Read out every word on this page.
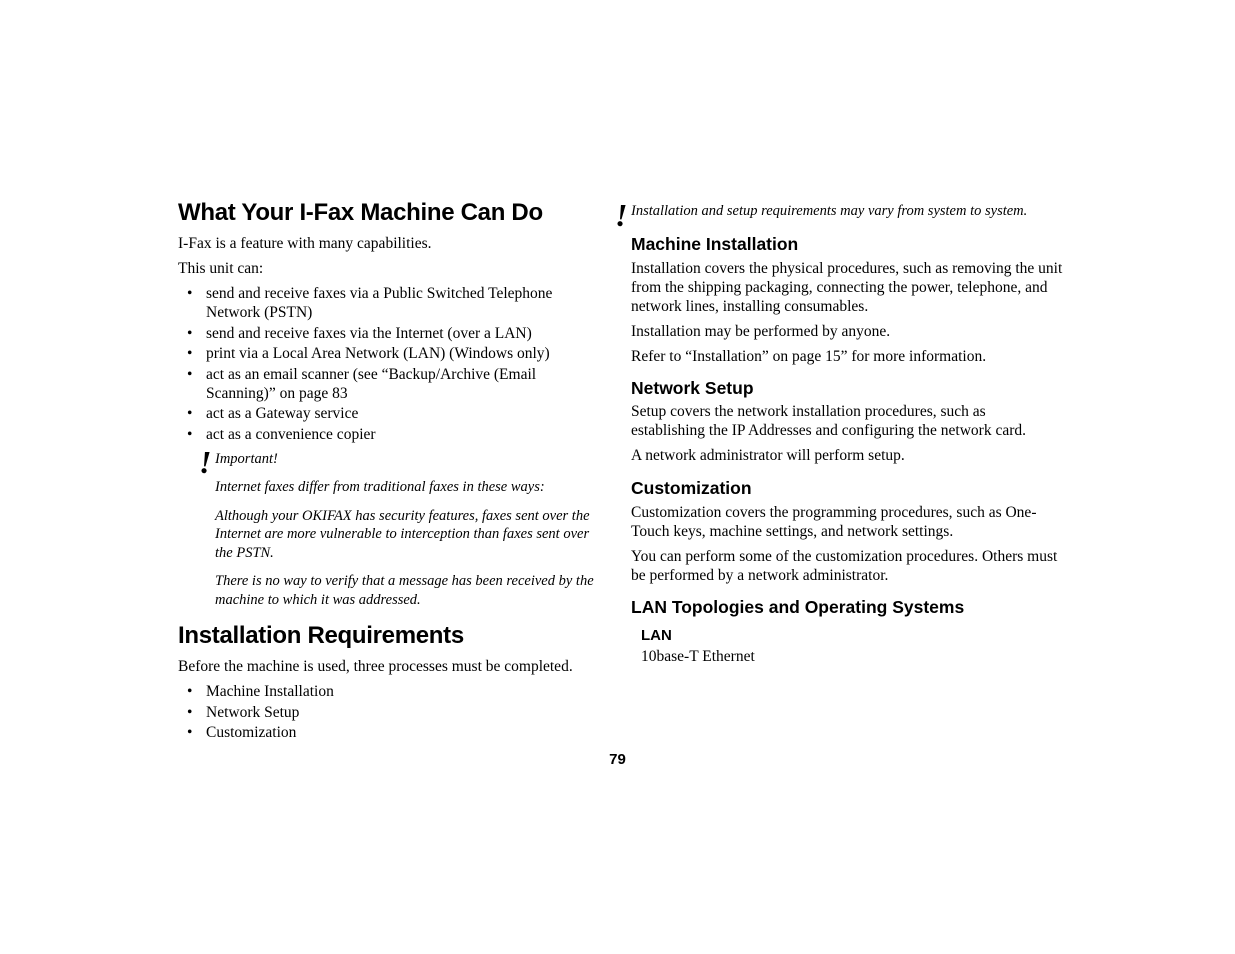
What Your I-Fax Machine Can Do

I-Fax is a feature with many capabilities.

This unit can:

• send and receive faxes via a Public Switched Telephone Network (PSTN)
• send and receive faxes via the Internet (over a LAN)
• print via a Local Area Network (LAN) (Windows only)
• act as an email scanner (see “Backup/Archive (Email Scanning)” on page 83
• act as a Gateway service
• act as a convenience copier
! Important!

Internet faxes differ from traditional faxes in these ways:

Although your OKIFAX has security features, faxes sent over the Internet are more vulnerable to interception than faxes sent over the PSTN.

There is no way to verify that a message has been received by the machine to which it was addressed.

Installation Requirements

Before the machine is used, three processes must be completed.

• Machine Installation
• Network Setup
• Customization
! Installation and setup requirements may vary from system to system.

Machine Installation

Installation covers the physical procedures, such as removing the unit from the shipping packaging, connecting the power, telephone, and network lines, installing consumables.

Installation may be performed by anyone.

Refer to “Installation” on page 15” for more information.

Network Setup

Setup covers the network installation procedures, such as establishing the IP Addresses and configuring the network card.

A network administrator will perform setup.

Customization

Customization covers the programming procedures, such as One-Touch keys, machine settings, and network settings.

You can perform some of the customization procedures. Others must be performed by a network administrator.

LAN Topologies and Operating Systems
LAN

10base-T Ethernet

79
